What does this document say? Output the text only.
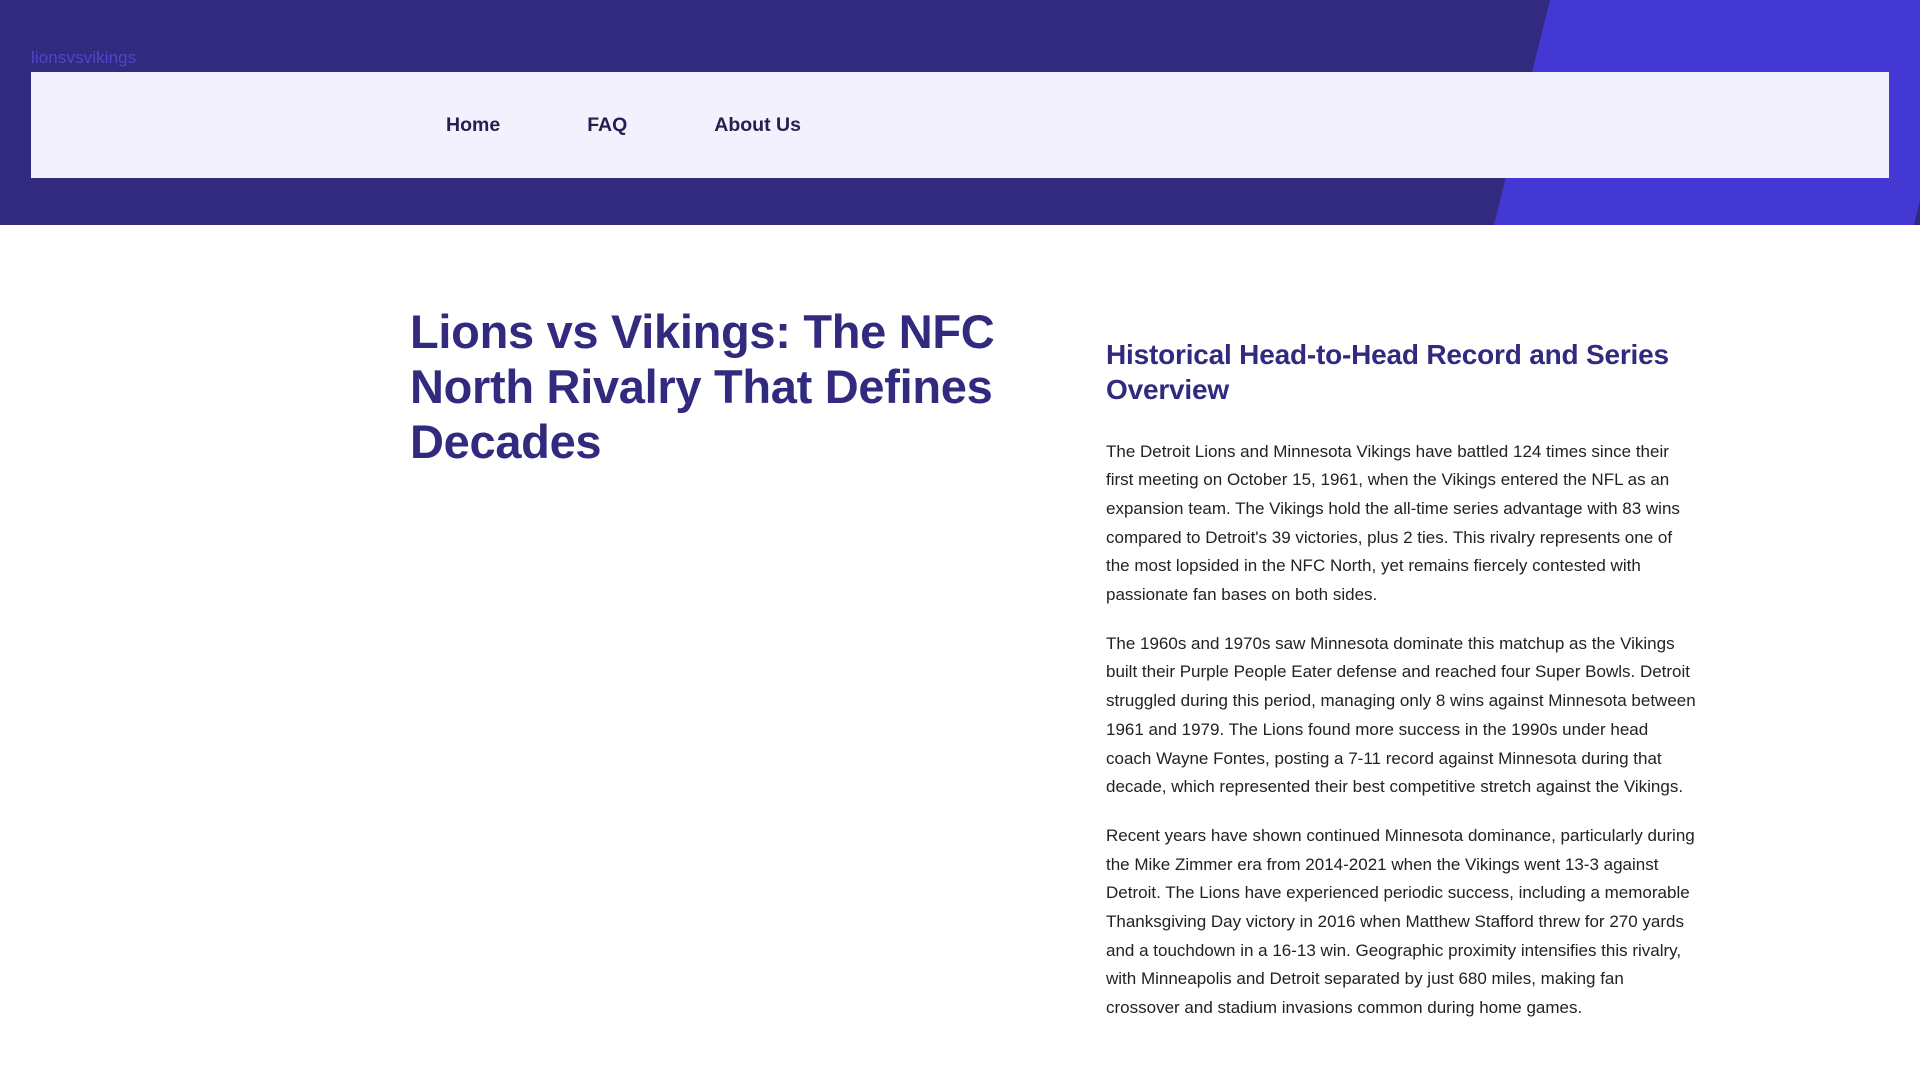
lionsvsvikings
Home	FAQ	About Us
Lions vs Vikings: The NFC North Rivalry That Defines Decades
Historical Head-to-Head Record and Series Overview

The Detroit Lions and Minnesota Vikings have battled 124 times since their first meeting on October 15, 1961, when the Vikings entered the NFL as an expansion team. The Vikings hold the all-time series advantage with 83 wins compared to Detroit's 39 victories, plus 2 ties. This rivalry represents one of the most lopsided in the NFC North, yet remains fiercely contested with passionate fan bases on both sides.

The 1960s and 1970s saw Minnesota dominate this matchup as the Vikings built their Purple People Eater defense and reached four Super Bowls. Detroit struggled during this period, managing only 8 wins against Minnesota between 1961 and 1979. The Lions found more success in the 1990s under head coach Wayne Fontes, posting a 7-11 record against Minnesota during that decade, which represented their best competitive stretch against the Vikings.

Recent years have shown continued Minnesota dominance, particularly during the Mike Zimmer era from 2014-2021 when the Vikings went 13-3 against Detroit. The Lions have experienced periodic success, including a memorable Thanksgiving Day victory in 2016 when Matthew Stafford threw for 270 yards and a touchdown in a 16-13 win. Geographic proximity intensifies this rivalry, with Minneapolis and Detroit separated by just 680 miles, making fan crossover and stadium invasions common during home games.
